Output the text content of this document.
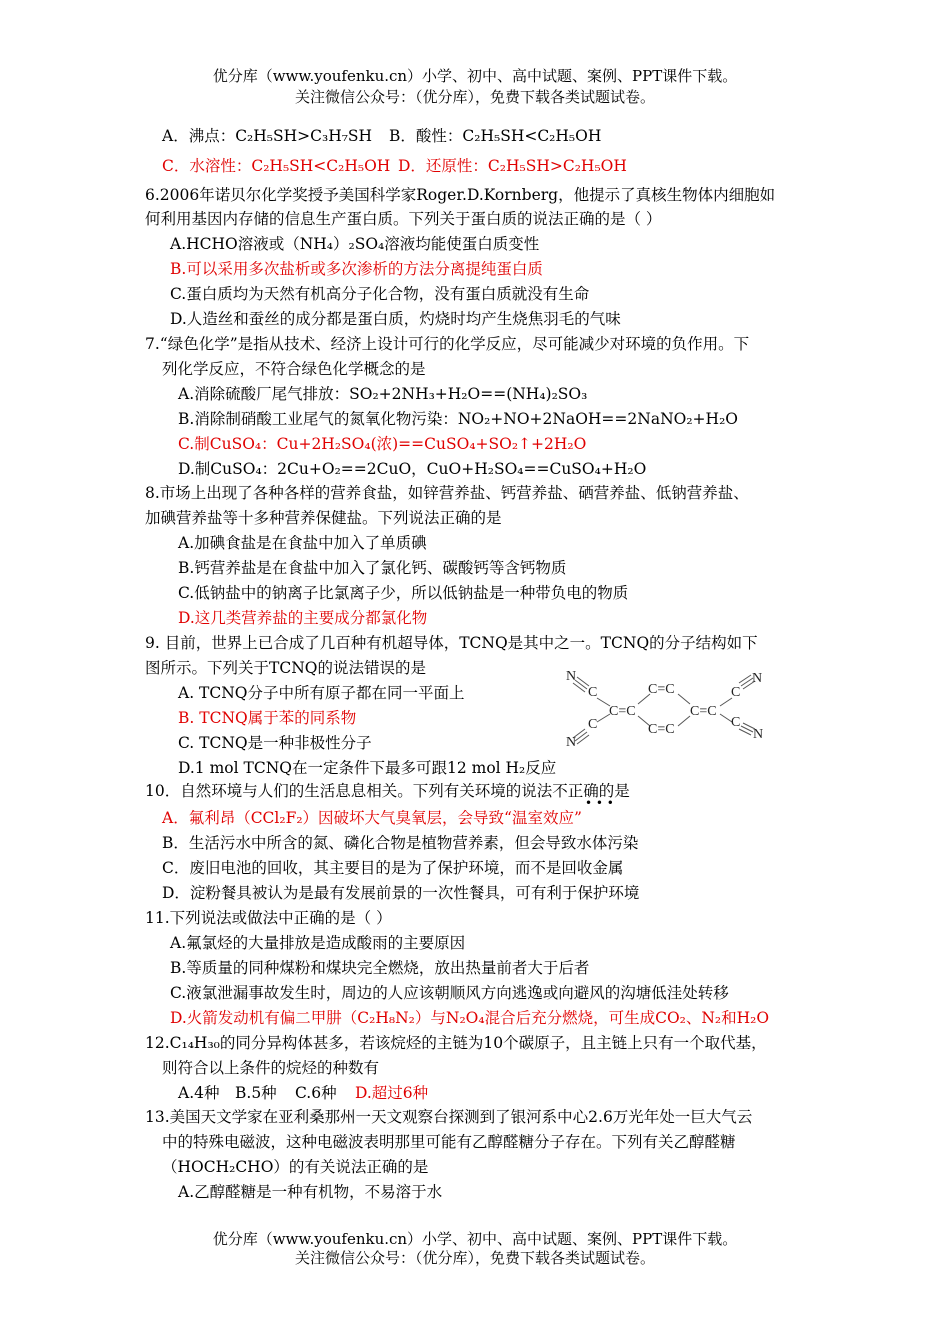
优分库（www.youfenku.cn）小学、初中、高中试题、案例、PPT课件下载。
关注微信公众号：（优分库），免费下载各类试题试卷。
A．沸点：C₂H₅SH>C₃H₇SH B．酸性：C₂H₅SH<C₂H₅OH
C．水溶性：C₂H₅SH<C₂H₅OH D．还原性：C₂H₅SH>C₂H₅OH
6.2006年诺贝尔化学奖授予美国科学家Roger.D.Kornberg，他提示了真核生物体内细胞如
何利用基因内存储的信息生产蛋白质。下列关于蛋白质的说法正确的是（ ）
A.HCHO溶液或（NH₄）₂SO₄溶液均能使蛋白质变性
B.可以采用多次盐析或多次渗析的方法分离提纯蛋白质
C.蛋白质均为天然有机高分子化合物，没有蛋白质就没有生命
D.人造丝和蚕丝的成分都是蛋白质，灼烧时均产生烧焦羽毛的气味
7.“绿色化学”是指从技术、经济上设计可行的化学反应，尽可能减少对环境的负作用。下
列化学反应，不符合绿色化学概念的是
A.消除硫酸厂尾气排放：SO₂+2NH₃+H₂O==(NH₄)₂SO₃
B.消除制硝酸工业尾气的氮氧化物污染：NO₂+NO+2NaOH==2NaNO₂+H₂O
C.制CuSO₄：Cu+2H₂SO₄(浓)==CuSO₄+SO₂↑+2H₂O
D.制CuSO₄：2Cu+O₂==2CuO，CuO+H₂SO₄==CuSO₄+H₂O
8.市场上出现了各种各样的营养食盐，如锌营养盐、钙营养盐、硒营养盐、低钠营养盐、
加碘营养盐等十多种营养保健盐。下列说法正确的是
A.加碘食盐是在食盐中加入了单质碘
B.钙营养盐是在食盐中加入了氯化钙、碳酸钙等含钙物质
C.低钠盐中的钠离子比氯离子少，所以低钠盐是一种带负电的物质
D.这几类营养盐的主要成分都氯化物
9. 目前，世界上已合成了几百种有机超导体，TCNQ是其中之一。TCNQ的分子结构如下
图所示。下列关于TCNQ的说法错误的是
A. TCNQ分子中所有原子都在同一平面上
B. TCNQ属于苯的同系物
C. TCNQ是一种非极性分子
D.1 mol TCNQ在一定条件下最多可跟12 mol H₂反应
N
C
C
N
C=C
C=C
C=C
C=C
C
N
C
N
10．自然环境与人们的生活息息相关。下列有关环境的说法不正确的是
• • •
A．氟利昂（CCl₂F₂）因破坏大气臭氧层，会导致“温室效应”
B．生活污水中所含的氮、磷化合物是植物营养素，但会导致水体污染
C．废旧电池的回收，其主要目的是为了保护环境，而不是回收金属
D．淀粉餐具被认为是最有发展前景的一次性餐具，可有利于保护环境
11.下列说法或做法中正确的是（ ）
A.氟氯烃的大量排放是造成酸雨的主要原因
B.等质量的同种煤粉和煤块完全燃烧，放出热量前者大于后者
C.液氯泄漏事故发生时，周边的人应该朝顺风方向逃逸或向避风的沟塘低洼处转移
D.火箭发动机有偏二甲肼（C₂H₈N₂）与N₂O₄混合后充分燃烧，可生成CO₂、N₂和H₂O
12.C₁₄H₃₀的同分异构体甚多，若该烷烃的主链为10个碳原子，且主链上只有一个取代基，
则符合以上条件的烷烃的种数有
A.4种 B.5种 C.6种 D.超过6种
13.美国天文学家在亚利桑那州一天文观察台探测到了银河系中心2.6万光年处一巨大气云
中的特殊电磁波，这种电磁波表明那里可能有乙醇醛糖分子存在。下列有关乙醇醛糖
（HOCH₂CHO）的有关说法正确的是
A.乙醇醛糖是一种有机物，不易溶于水
优分库（www.youfenku.cn）小学、初中、高中试题、案例、PPT课件下载。
关注微信公众号：（优分库），免费下载各类试题试卷。
